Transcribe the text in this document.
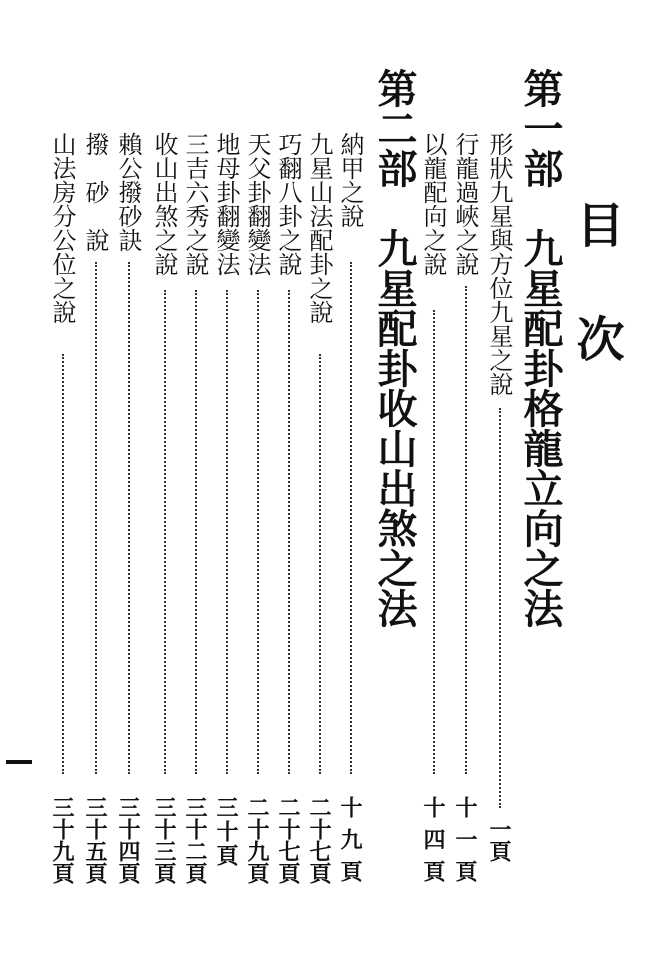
目
次
第一部　九星配卦格龍立向之法
形狀九星與方位九星之說
一頁
行龍過峽之說
十一頁
以龍配向之說
十四頁
第二部　九星配卦收山出煞之法
納甲之說
十九頁
九星山法配卦之說
二十七頁
巧翻八卦之說
二十七頁
天父卦翻變法
二十九頁
地母卦翻變法
三十頁
三吉六秀之說
三十二頁
收山出煞之說
三十三頁
賴公撥砂訣
三十四頁
撥　砂　說
三十五頁
山法房分公位之說
三十九頁
